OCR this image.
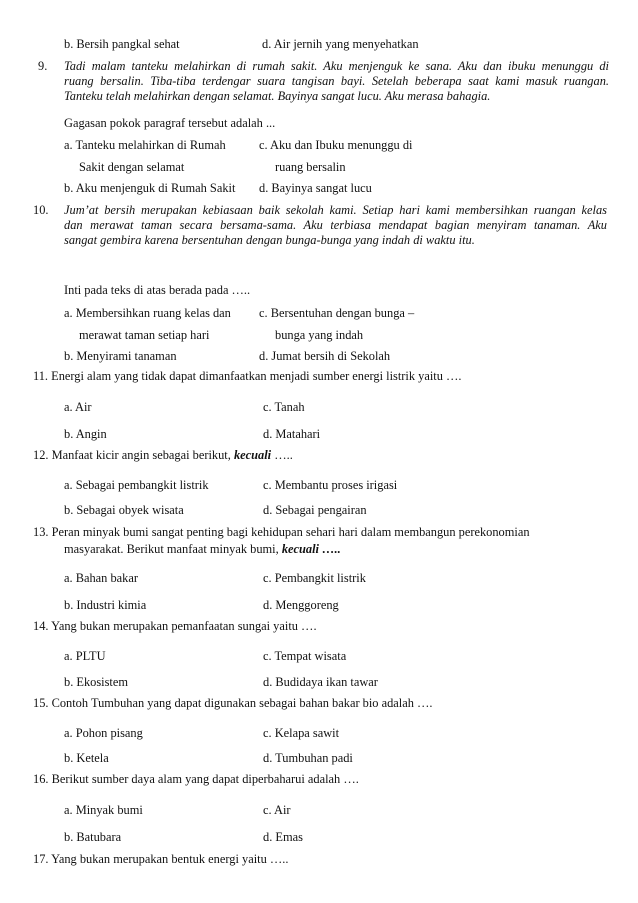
b. Bersih pangkal sehat	d. Air jernih yang menyehatkan
9. Tadi malam tanteku melahirkan di rumah sakit. Aku menjenguk ke sana. Aku dan ibuku menunggu di
ruang bersalin. Tiba-tiba terdengar suara tangisan bayi. Setelah beberapa saat kami masuk ruangan.
Tanteku telah melahirkan dengan selamat. Bayinya sangat lucu. Aku merasa bahagia.
Gagasan pokok paragraf tersebut adalah ...
a. Tanteku melahirkan di Rumah
Sakit dengan selamat
c. Aku dan Ibuku menunggu di
ruang bersalin
b. Aku menjenguk di Rumah Sakit d. Bayinya sangat lucu
10. Jum’at bersih merupakan kebiasaan baik sekolah kami. Setiap hari kami membersihkan ruangan kelas
dan merawat taman secara bersama-sama. Aku terbiasa mendapat bagian menyiram tanaman. Aku
sangat gembira karena bersentuhan dengan bunga-bunga yang indah di waktu itu.
Inti pada teks di atas berada pada …..
a. Membersihkan ruang kelas dan
merawat taman setiap hari
c. Bersentuhan dengan bunga –
bunga yang indah
b. Menyirami tanaman	d. Jumat bersih di Sekolah
11. Energi alam yang tidak dapat dimanfaatkan menjadi sumber energi listrik yaitu ….
a. Air	c. Tanah
b. Angin	d. Matahari
12. Manfaat kicir angin sebagai berikut, kecuali …..
a. Sebagai pembangkit listrik	c. Membantu proses irigasi
b. Sebagai obyek wisata	d. Sebagai pengairan
13. Peran minyak bumi sangat penting bagi kehidupan sehari hari dalam membangun perekonomian
masyarakat. Berikut manfaat minyak bumi, kecuali …..
a. Bahan bakar	c. Pembangkit listrik
b. Industri kimia	d. Menggoreng
14. Yang bukan merupakan pemanfaatan sungai yaitu ….
a. PLTU	c. Tempat wisata
b. Ekosistem	d. Budidaya ikan tawar
15. Contoh Tumbuhan yang dapat digunakan sebagai bahan bakar bio adalah ….
a. Pohon pisang	c. Kelapa sawit
b. Ketela	d. Tumbuhan padi
16. Berikut sumber daya alam yang dapat diperbaharui adalah ….
a. Minyak bumi	c. Air
b. Batubara	d. Emas
17. Yang bukan merupakan bentuk energi yaitu …..
